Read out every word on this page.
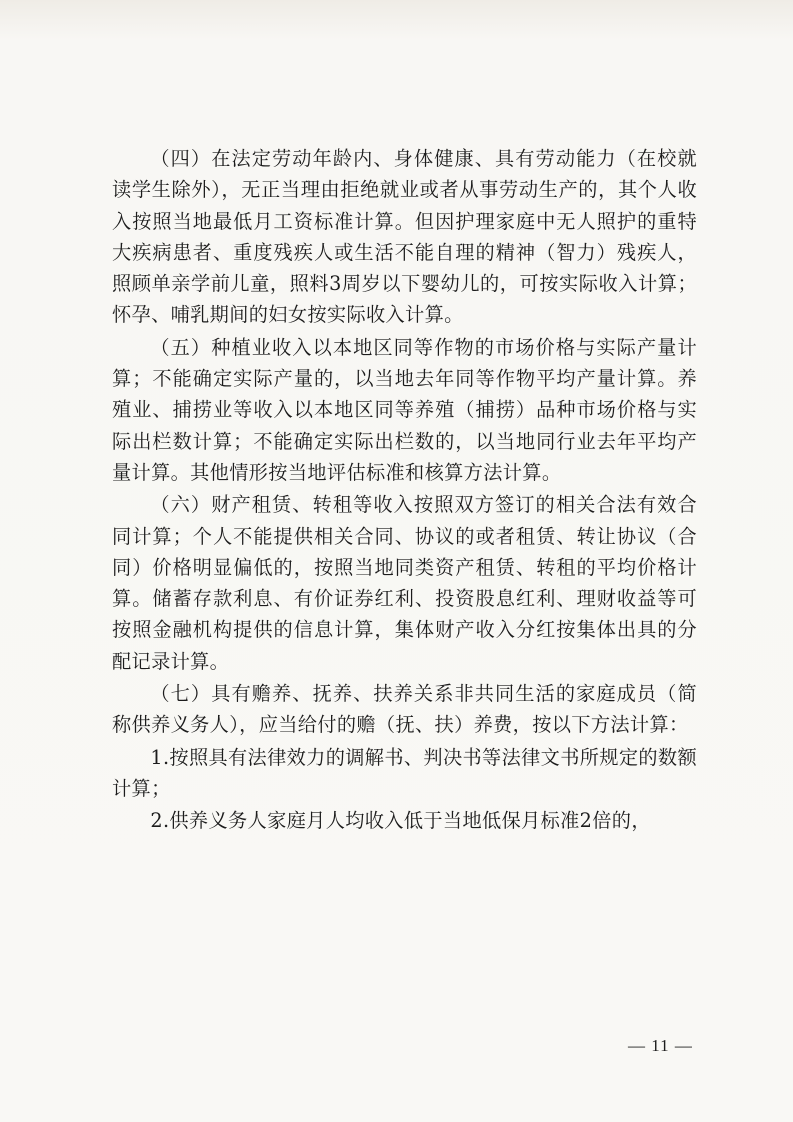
（四）在法定劳动年龄内、身体健康、具有劳动能力（在校就读学生除外），无正当理由拒绝就业或者从事劳动生产的，其个人收入按照当地最低月工资标准计算。但因护理家庭中无人照护的重特大疾病患者、重度残疾人或生活不能自理的精神（智力）残疾人，照顾单亲学前儿童，照料3周岁以下婴幼儿的，可按实际收入计算；怀孕、哺乳期间的妇女按实际收入计算。

（五）种植业收入以本地区同等作物的市场价格与实际产量计算；不能确定实际产量的，以当地去年同等作物平均产量计算。养殖业、捕捞业等收入以本地区同等养殖（捕捞）品种市场价格与实际出栏数计算；不能确定实际出栏数的，以当地同行业去年平均产量计算。其他情形按当地评估标准和核算方法计算。

（六）财产租赁、转租等收入按照双方签订的相关合法有效合同计算；个人不能提供相关合同、协议的或者租赁、转让协议（合同）价格明显偏低的，按照当地同类资产租赁、转租的平均价格计算。储蓄存款利息、有价证券红利、投资股息红利、理财收益等可按照金融机构提供的信息计算，集体财产收入分红按集体出具的分配记录计算。

（七）具有赡养、抚养、扶养关系非共同生活的家庭成员（简称供养义务人），应当给付的赡（抚、扶）养费，按以下方法计算：

1.按照具有法律效力的调解书、判决书等法律文书所规定的数额计算；

2.供养义务人家庭月人均收入低于当地低保月标准2倍的，

— 11 —
